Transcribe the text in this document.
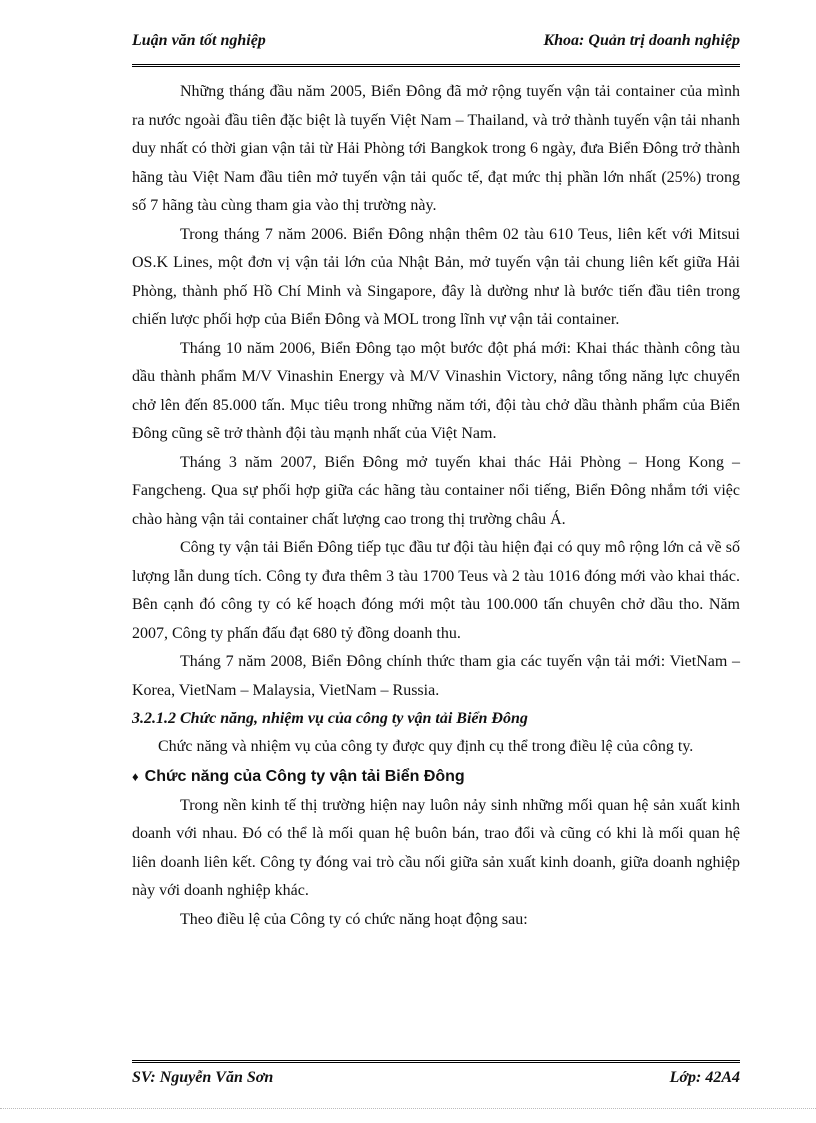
Luận văn tốt nghiệp	Khoa: Quản trị doanh nghiệp

Những tháng đầu năm 2005, Biển Đông đã mở rộng tuyến vận tải container của mình ra nước ngoài đầu tiên đặc biệt là tuyến Việt Nam – Thailand, và trở thành tuyến vận tải nhanh duy nhất có thời gian vận tải từ Hải Phòng tới Bangkok trong 6 ngày, đưa Biển Đông trở thành hãng tàu Việt Nam đầu tiên mở tuyến vận tải quốc tế, đạt mức thị phần lớn nhất (25%) trong số 7 hãng tàu cùng tham gia vào thị trường này.

Trong tháng 7 năm 2006. Biển Đông nhận thêm 02 tàu 610 Teus, liên kết với Mitsui OS.K Lines, một đơn vị vận tải lớn của Nhật Bản, mở tuyến vận tải chung liên kết giữa Hải Phòng, thành phố Hồ Chí Minh và Singapore, đây là dường như là bước tiến đầu tiên trong chiến lược phối hợp của Biển Đông và MOL trong lĩnh vự vận tải container.

Tháng 10 năm 2006, Biển Đông tạo một bước đột phá mới: Khai thác thành công tàu dầu thành phẩm M/V Vinashin Energy và M/V Vinashin Victory, nâng tổng năng lực chuyển chở lên đến 85.000 tấn. Mục tiêu trong những năm tới, đội tàu chở dầu thành phẩm của Biển Đông cũng sẽ trở thành đội tàu mạnh nhất của Việt Nam.

Tháng 3 năm 2007, Biển Đông mở tuyến khai thác Hải Phòng – Hong Kong – Fangcheng. Qua sự phối hợp giữa các hãng tàu container nổi tiếng, Biển Đông nhắm tới việc chào hàng vận tải container chất lượng cao trong thị trường châu Á.

Công ty vận tải Biển Đông tiếp tục đầu tư đội tàu hiện đại có quy mô rộng lớn cả về số lượng lẫn dung tích. Công ty đưa thêm 3 tàu 1700 Teus và 2 tàu 1016 đóng mới vào khai thác. Bên cạnh đó công ty có kế hoạch đóng mới một tàu 100.000 tấn chuyên chở dầu tho. Năm 2007, Công ty phấn đấu đạt 680 tỷ đồng doanh thu.

Tháng 7 năm 2008, Biển Đông chính thức tham gia các tuyến vận tải mới: VietNam – Korea, VietNam – Malaysia, VietNam – Russia.

3.2.1.2 Chức năng, nhiệm vụ của công ty vận tải Biển Đông

Chức năng và nhiệm vụ của công ty được quy định cụ thể trong điều lệ của công ty.

♦ Chức năng của Công ty vận tải Biển Đông

Trong nền kinh tế thị trường hiện nay luôn nảy sinh những mối quan hệ sản xuất kinh doanh với nhau. Đó có thể là mối quan hệ buôn bán, trao đổi và cũng có khi là mối quan hệ liên doanh liên kết. Công ty đóng vai trò cầu nối giữa sản xuất kinh doanh, giữa doanh nghiệp này với doanh nghiệp khác.

Theo điều lệ của Công ty có chức năng hoạt động sau:

SV: Nguyễn Văn Sơn	Lớp: 42A4
